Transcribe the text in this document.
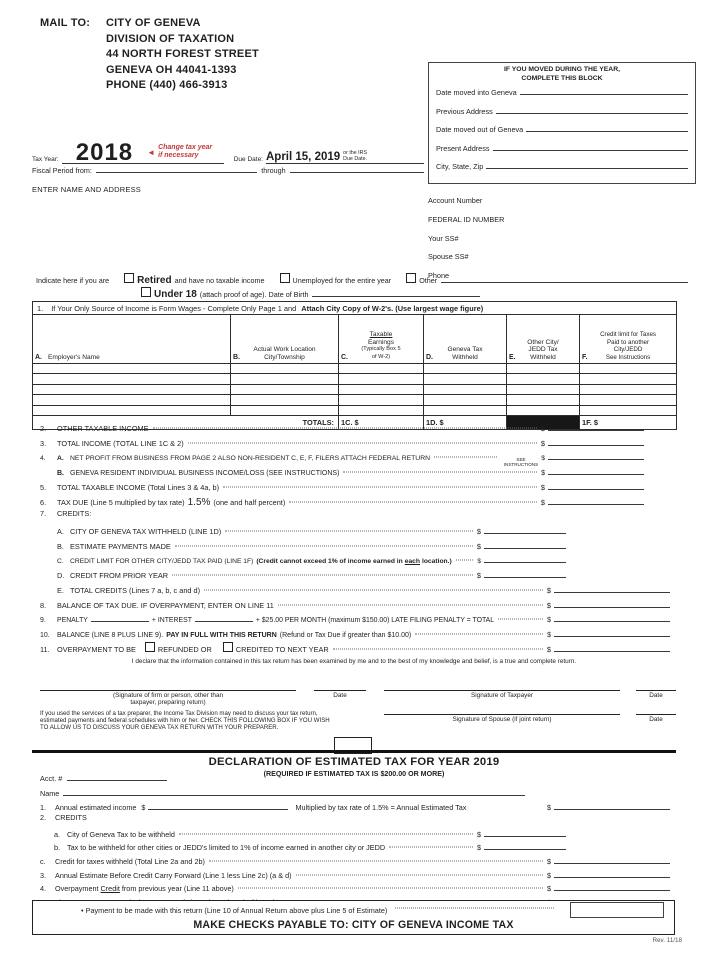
MAIL TO:	CITY OF GENEVA
DIVISION OF TAXATION
44 NORTH FOREST STREET
GENEVA OH 44041-1393
PHONE (440) 466-3913
IF YOU MOVED DURING THE YEAR,
COMPLETE THIS BLOCK
Date moved into Geneva
Previous Address
Date moved out of Geneva
Present Address
City, State, Zip
Tax Year: 2018 ◄
Change tax year
if necessary
Due Date: April 15, 2019 or the IRS
Due Date.
Fiscal Period from:	through
ENTER NAME AND ADDRESS
Account Number
FEDERAL ID NUMBER
Your SS#
Spouse SS#
Phone
Indicate here if you are	Retired and have no taxable income	Unemployed for the entire year	Other
Under 18 (attach proof of age). Date of Birth
1. If Your Only Source of Income is Form Wages - Complete Only Page 1 and Attach City Copy of W-2's. (Use largest wage figure)					

A. Employer's Name	B.
Actual Work Location
City/Township	C.
Taxable
Earnings
(Typically Box 5
of W-2)	D.
Geneva Tax
Withheld	E.
Other City/
JEDD Tax
Withheld	F.
Credit limit for Taxes
Paid to another
City/JEDD
See Instructions

TOTALS:		1C. $	1D. $		1F. $
2.	OTHER TAXABLE INCOME	$
3.	TOTAL INCOME (TOTAL LINE 1C & 2)	$
4.	A. NET PROFIT FROM BUSINESS FROM PAGE 2 ALSO NON-RESIDENT C, E, F, FILERS ATTACH FEDERAL RETURN	SEE
INSTRUCTIONS
$
B. GENEVA RESIDENT INDIVIDUAL BUSINESS INCOME/LOSS (SEE INSTRUCTIONS)	$
5.	TOTAL TAXABLE INCOME (Total Lines 3 & 4a, b)	$
6.	TAX DUE (Line 5 multiplied by tax rate) 1.5% (one and half percent)	$
7.	CREDITS:
A. CITY OF GENEVA TAX WITHHELD (LINE 1D)	$
B. ESTIMATE PAYMENTS MADE	$
C. CREDIT LIMIT FOR OTHER CITY/JEDD TAX PAID (LINE 1F) (Credit cannot exceed 1% of income earned in each location.)	$
D. CREDIT FROM PRIOR YEAR	$
E. TOTAL CREDITS (Lines 7 a, b, c and d)	$
8.	BALANCE OF TAX DUE. IF OVERPAYMENT, ENTER ON LINE 11	$
9.	PENALTY	+ INTEREST	+ $25.00 PER MONTH (maximum $150.00) LATE FILING PENALTY = TOTAL	$
10.	BALANCE (LINE 8 PLUS LINE 9). PAY IN FULL WITH THIS RETURN (Refund or Tax Due if greater than $10.00)	$
11. OVERPAYMENT TO BE	REFUNDED OR	CREDITED TO NEXT YEAR	$
I declare that the information contained in this tax return has been examined by me and to the best of my knowledge and belief, is a true and complete return.
(Signature of firm or person, other than
taxpayer, preparing return)
Date	Signature of Taxpayer	Date
Signature of Spouse (if joint return)	Date
If you used the services of a tax preparer, the Income Tax Division may need to discuss your tax return, estimated payments and federal schedules with him or her. CHECK THIS FOLLOWING BOX IF YOU WISH TO ALLOW US TO DISCUSS YOUR GENEVA TAX RETURN WITH YOUR PREPARER.
DECLARATION OF ESTIMATED TAX FOR YEAR 2019
(REQUIRED IF ESTIMATED TAX IS $200.00 OR MORE)
Acct. #
Name
1.	Annual estimated income $	Multiplied by tax rate of 1.5% = Annual Estimated Tax	$
2.	CREDITS
a. City of Geneva Tax to be withheld	$
b. Tax to be withheld for other cities or JEDD's limited to 1% of income earned in another city or JEDD	$
c.	Credit for taxes withheld (Total Line 2a and 2b)	$
3.	Annual Estimate Before Credit Carry Forward (Line 1 less Line 2c) (a & d)	$
4.	Overpayment Credit from previous year (Line 11 above)	$
• Payment to be made with this return (Line 10 of Annual Return above plus Line 5 of Estimate)
MAKE CHECKS PAYABLE TO: CITY OF GENEVA INCOME TAX
Rev. 11/18
